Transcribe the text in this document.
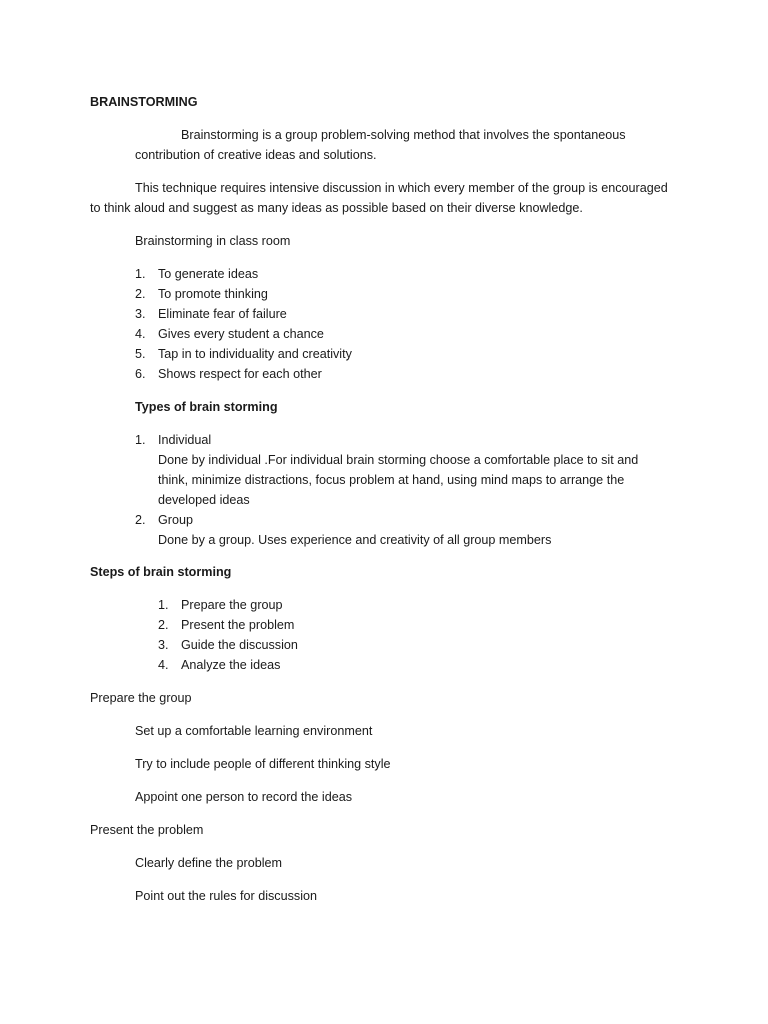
BRAINSTORMING

Brainstorming is a group problem-solving method that involves the spontaneous

contribution of creative ideas and solutions.

This technique requires intensive discussion in which every member of the group is encouraged

to think aloud and suggest as many ideas as possible based on their diverse knowledge.

Brainstorming in class room

1. To generate ideas
2. To promote thinking
3. Eliminate fear of failure
4. Gives every student a chance
5. Tap in to individuality and creativity
6. Shows respect for each other

Types of brain storming

1. Individual
Done by individual .For individual brain storming choose a comfortable place to sit and
think, minimize distractions, focus problem at hand, using mind maps to arrange the
developed ideas
2. Group
Done by a group. Uses experience and creativity of all group members

Steps of brain storming

1. Prepare the group
2. Present the problem
3. Guide the discussion
4. Analyze the ideas

Prepare the group

Set up a comfortable learning environment

Try to include people of different thinking style

Appoint one person to record the ideas

Present the problem

Clearly define the problem

Point out the rules for discussion
